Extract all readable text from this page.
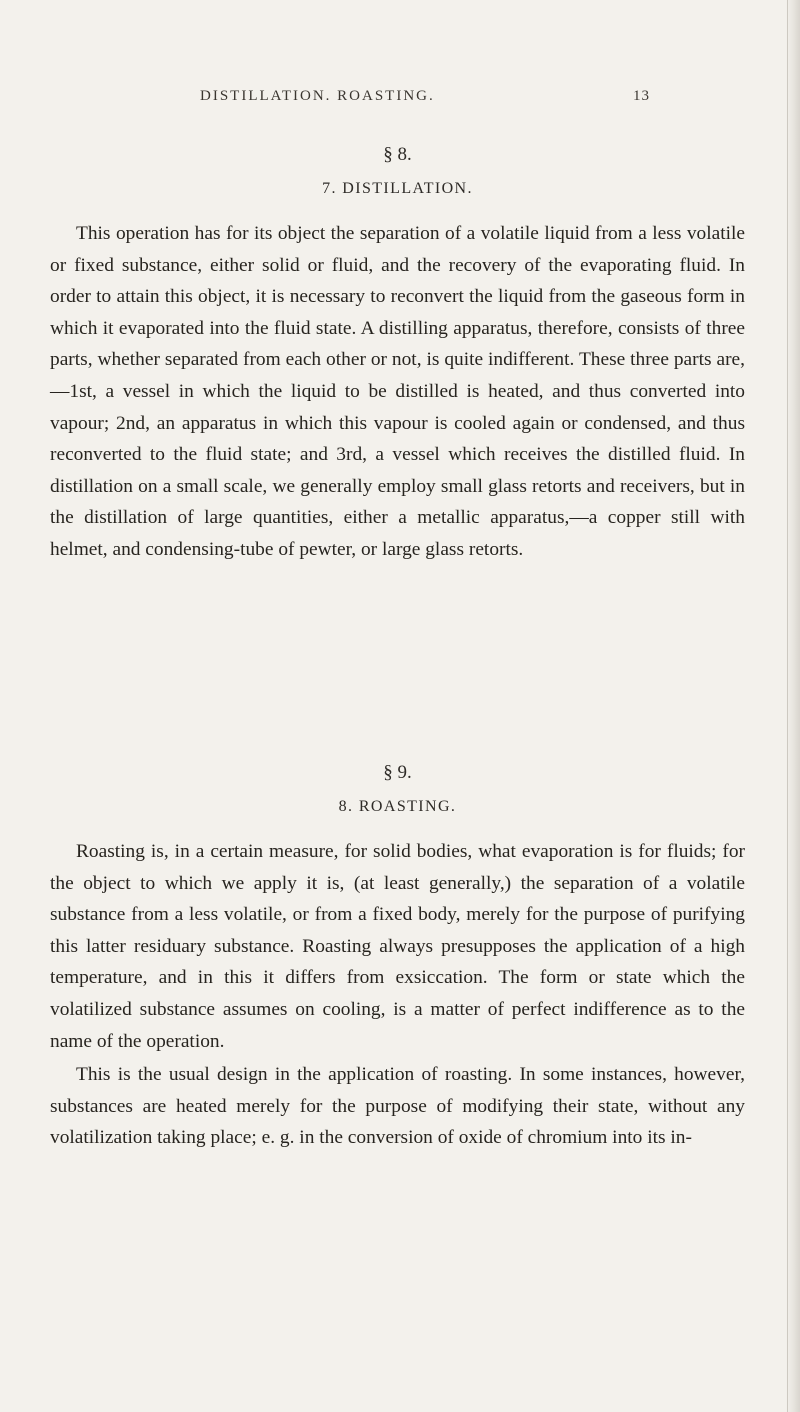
DISTILLATION. ROASTING.	13
§ 8.
7. DISTILLATION.

This operation has for its object the separation of a volatile liquid from a less volatile or fixed substance, either solid or fluid, and the recovery of the evaporating fluid. In order to attain this object, it is necessary to reconvert the liquid from the gaseous form in which it evaporated into the fluid state. A distilling apparatus, therefore, consists of three parts, whether separated from each other or not, is quite indifferent. These three parts are,—1st, a vessel in which the liquid to be distilled is heated, and thus converted into vapour; 2nd, an apparatus in which this vapour is cooled again or condensed, and thus reconverted to the fluid state; and 3rd, a vessel which receives the distilled fluid. In distillation on a small scale, we generally employ small glass retorts and receivers, but in the distillation of large quantities, either a metallic apparatus,—a copper still with helmet, and condensing-tube of pewter, or large glass retorts.

§ 9.
8. ROASTING.

Roasting is, in a certain measure, for solid bodies, what evaporation is for fluids; for the object to which we apply it is, (at least generally,) the separation of a volatile substance from a less volatile, or from a fixed body, merely for the purpose of purifying this latter residuary substance. Roasting always presupposes the application of a high temperature, and in this it differs from exsiccation. The form or state which the volatilized substance assumes on cooling, is a matter of perfect indifference as to the name of the operation.

This is the usual design in the application of roasting. In some instances, however, substances are heated merely for the purpose of modifying their state, without any volatilization taking place; e. g. in the conversion of oxide of chromium into its in-
